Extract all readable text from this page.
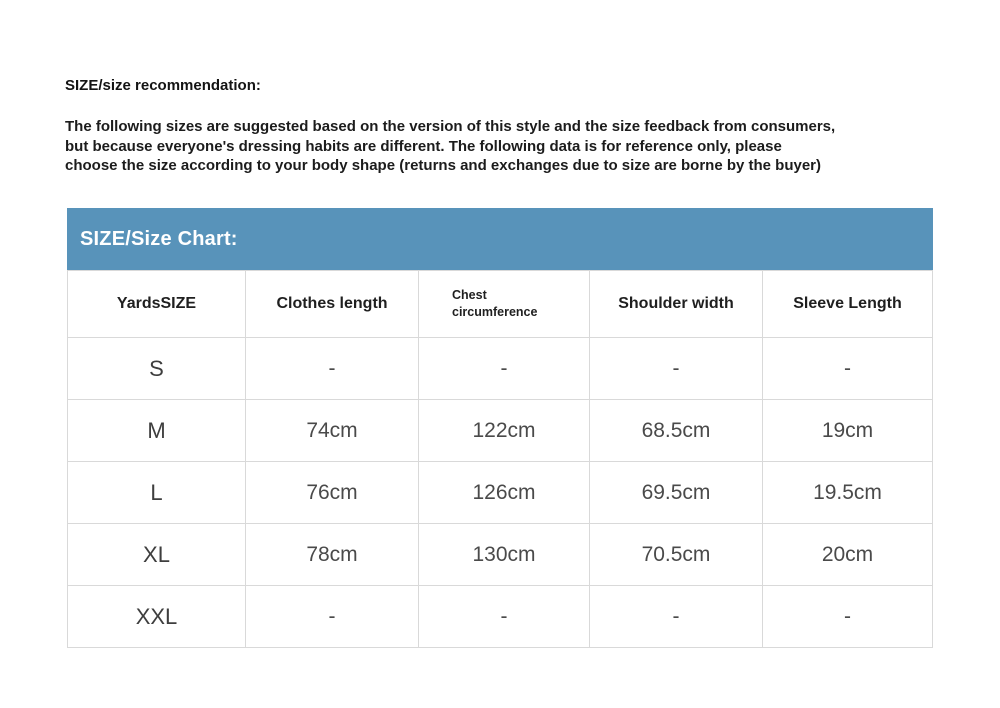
SIZE/size recommendation:
The following sizes are suggested based on the version of this style and the size feedback from consumers,
but because everyone's dressing habits are different. The following data is for reference only, please
choose the size according to your body shape (returns and exchanges due to size are borne by the buyer)
SIZE/Size Chart:
YardsSIZE	Clothes length	Chest circumference	Shoulder width	Sleeve Length
S	-	-	-	-
M	74cm	122cm	68.5cm	19cm
L	76cm	126cm	69.5cm	19.5cm
XL	78cm	130cm	70.5cm	20cm
XXL	-	-	-	-
